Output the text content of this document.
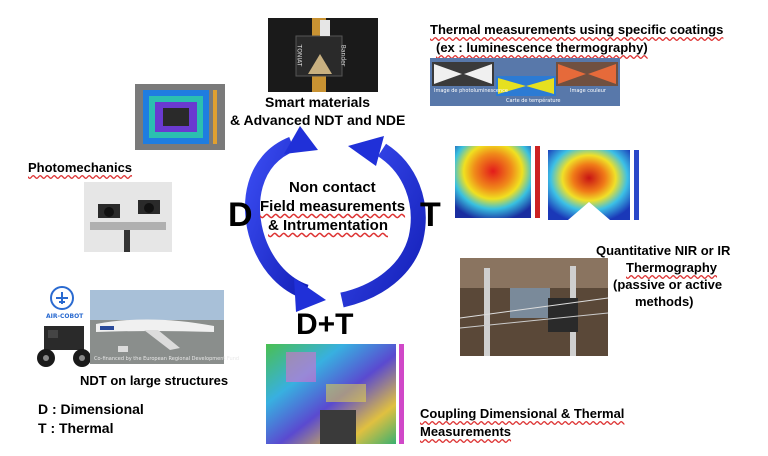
D	T
D+T
Non contact
Field measurements
& Intrumentation
TONIAT	Bander
Smart materials
& Advanced NDT and NDE
Thermal measurements using specific coatings
(ex : luminescence thermography)
Image de photoluminescence
Carte de température
Image couleur
Photomechanics
Quantitative NIR or IR
Thermography
(passive or active
methods)
AIR-COBOT
Co-financed by the European Regional Development Fund
NDT on large structures
D : Dimensional
T : Thermal
Coupling Dimensional & Thermal
Measurements
